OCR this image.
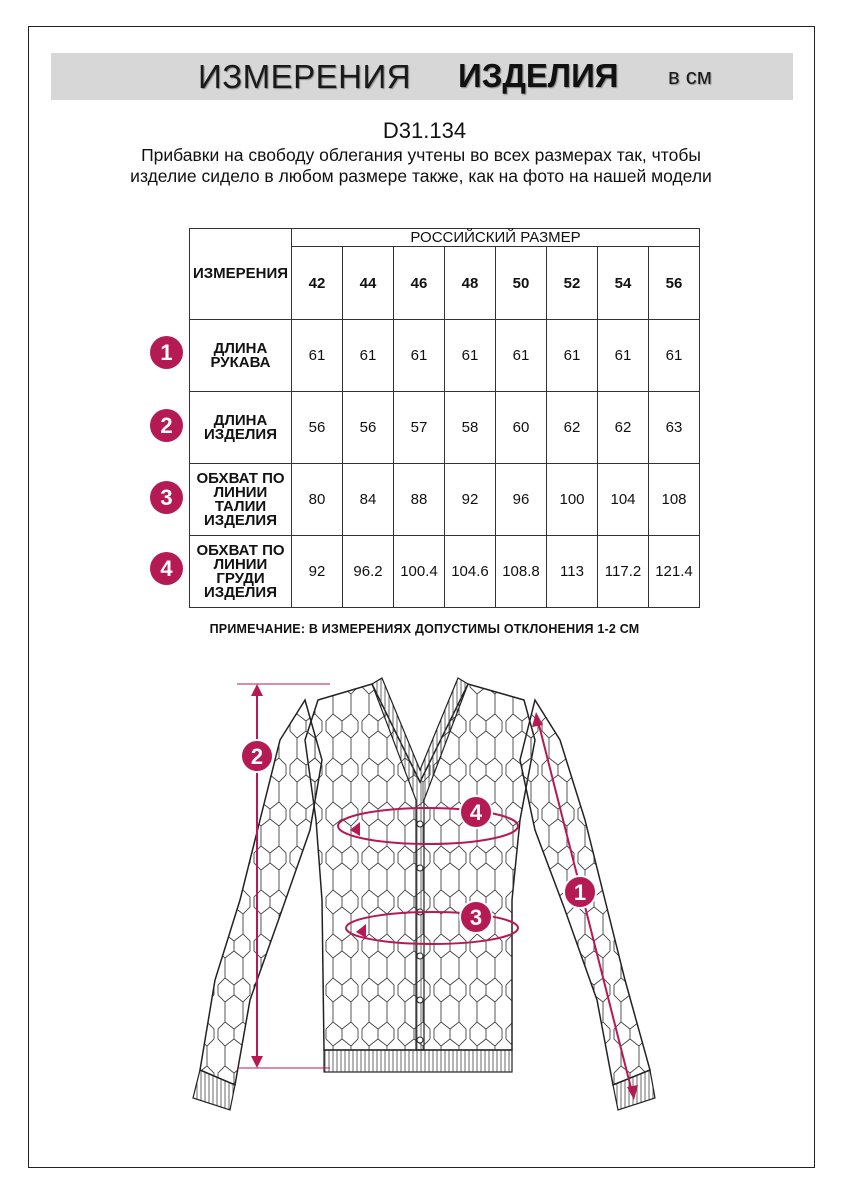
ИЗМЕРЕНИЯ ИЗДЕЛИЯ в см
D31.134
Прибавки на свободу облегания учтены во всех размерах так, чтобы изделие сидело в любом размере также, как на фото на нашей модели
ИЗМЕРЕНИЯ	РОССИЙСКИЙ РАЗМЕР							
	42	44	46	48	50	52	54	56
ДЛИНА РУКАВА	61	61	61	61	61	61	61	61
ДЛИНА ИЗДЕЛИЯ	56	56	57	58	60	62	62	63
ОБХВАТ ПО ЛИНИИ ТАЛИИ ИЗДЕЛИЯ	80	84	88	92	96	100	104	108
ОБХВАТ ПО ЛИНИИ ГРУДИ ИЗДЕЛИЯ	92	96.2	100.4	104.6	108.8	113	117.2	121.4
1
2
3
4
ПРИМЕЧАНИЕ: В ИЗМЕРЕНИЯХ ДОПУСТИМЫ ОТКЛОНЕНИЯ 1-2 СМ
2
4
3
1
